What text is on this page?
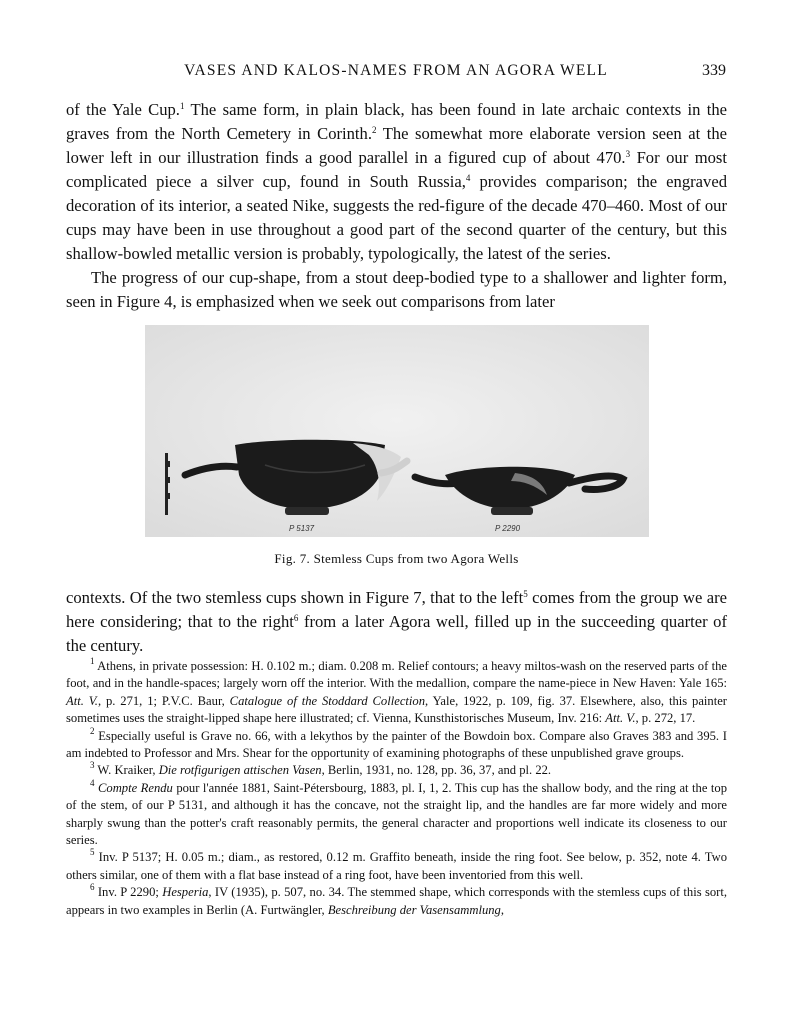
VASES AND KALOS-NAMES FROM AN AGORA WELL	339

of the Yale Cup.$^1$ The same form, in plain black, has been found in late archaic contexts in the graves from the North Cemetery in Corinth.$^2$ The somewhat more elaborate version seen at the lower left in our illustration finds a good parallel in a figured cup of about 470.$^3$ For our most complicated piece a silver cup, found in South Russia,$^4$ provides comparison; the engraved decoration of its interior, a seated Nike, suggests the red-figure of the decade 470–460. Most of our cups may have been in use throughout a good part of the second quarter of the century, but this shallow-bowled metallic version is probably, typologically, the latest of the series.

The progress of our cup-shape, from a stout deep-bodied type to a shallower and lighter form, seen in Figure 4, is emphasized when we seek out comparisons from later

P 5137	P 2290
Fig. 7. Stemless Cups from two Agora Wells

contexts. Of the two stemless cups shown in Figure 7, that to the left$^5$ comes from the group we are here considering; that to the right$^6$ from a later Agora well, filled up in the succeeding quarter of the century.

$^1$ Athens, in private possession: H. 0.102 m.; diam. 0.208 m. Relief contours; a heavy miltos-wash on the reserved parts of the foot, and in the handle-spaces; largely worn off the interior. With the medallion, compare the name-piece in New Haven: Yale 165: Att. V., p. 271, 1; P.V.C. Baur, Catalogue of the Stoddard Collection, Yale, 1922, p. 109, fig. 37. Elsewhere, also, this painter sometimes uses the straight-lipped shape here illustrated; cf. Vienna, Kunsthistorisches Museum, Inv. 216: Att. V., p. 272, 17.

$^2$ Especially useful is Grave no. 66, with a lekythos by the painter of the Bowdoin box. Compare also Graves 383 and 395. I am indebted to Professor and Mrs. Shear for the opportunity of examining photographs of these unpublished grave groups.

$^3$ W. Kraiker, Die rotfigurigen attischen Vasen, Berlin, 1931, no. 128, pp. 36, 37, and pl. 22.

$^4$ Compte Rendu pour l'année 1881, Saint-Pétersbourg, 1883, pl. I, 1, 2. This cup has the shallow body, and the ring at the top of the stem, of our P 5131, and although it has the concave, not the straight lip, and the handles are far more widely and more sharply swung than the potter's craft reasonably permits, the general character and proportions well indicate its closeness to our series.

$^5$ Inv. P 5137; H. 0.05 m.; diam., as restored, 0.12 m. Graffito beneath, inside the ring foot. See below, p. 352, note 4. Two others similar, one of them with a flat base instead of a ring foot, have been inventoried from this well.

$^6$ Inv. P 2290; Hesperia, IV (1935), p. 507, no. 34. The stemmed shape, which corresponds with the stemless cups of this sort, appears in two examples in Berlin (A. Furtwängler, Beschreibung der Vasensammlung,
